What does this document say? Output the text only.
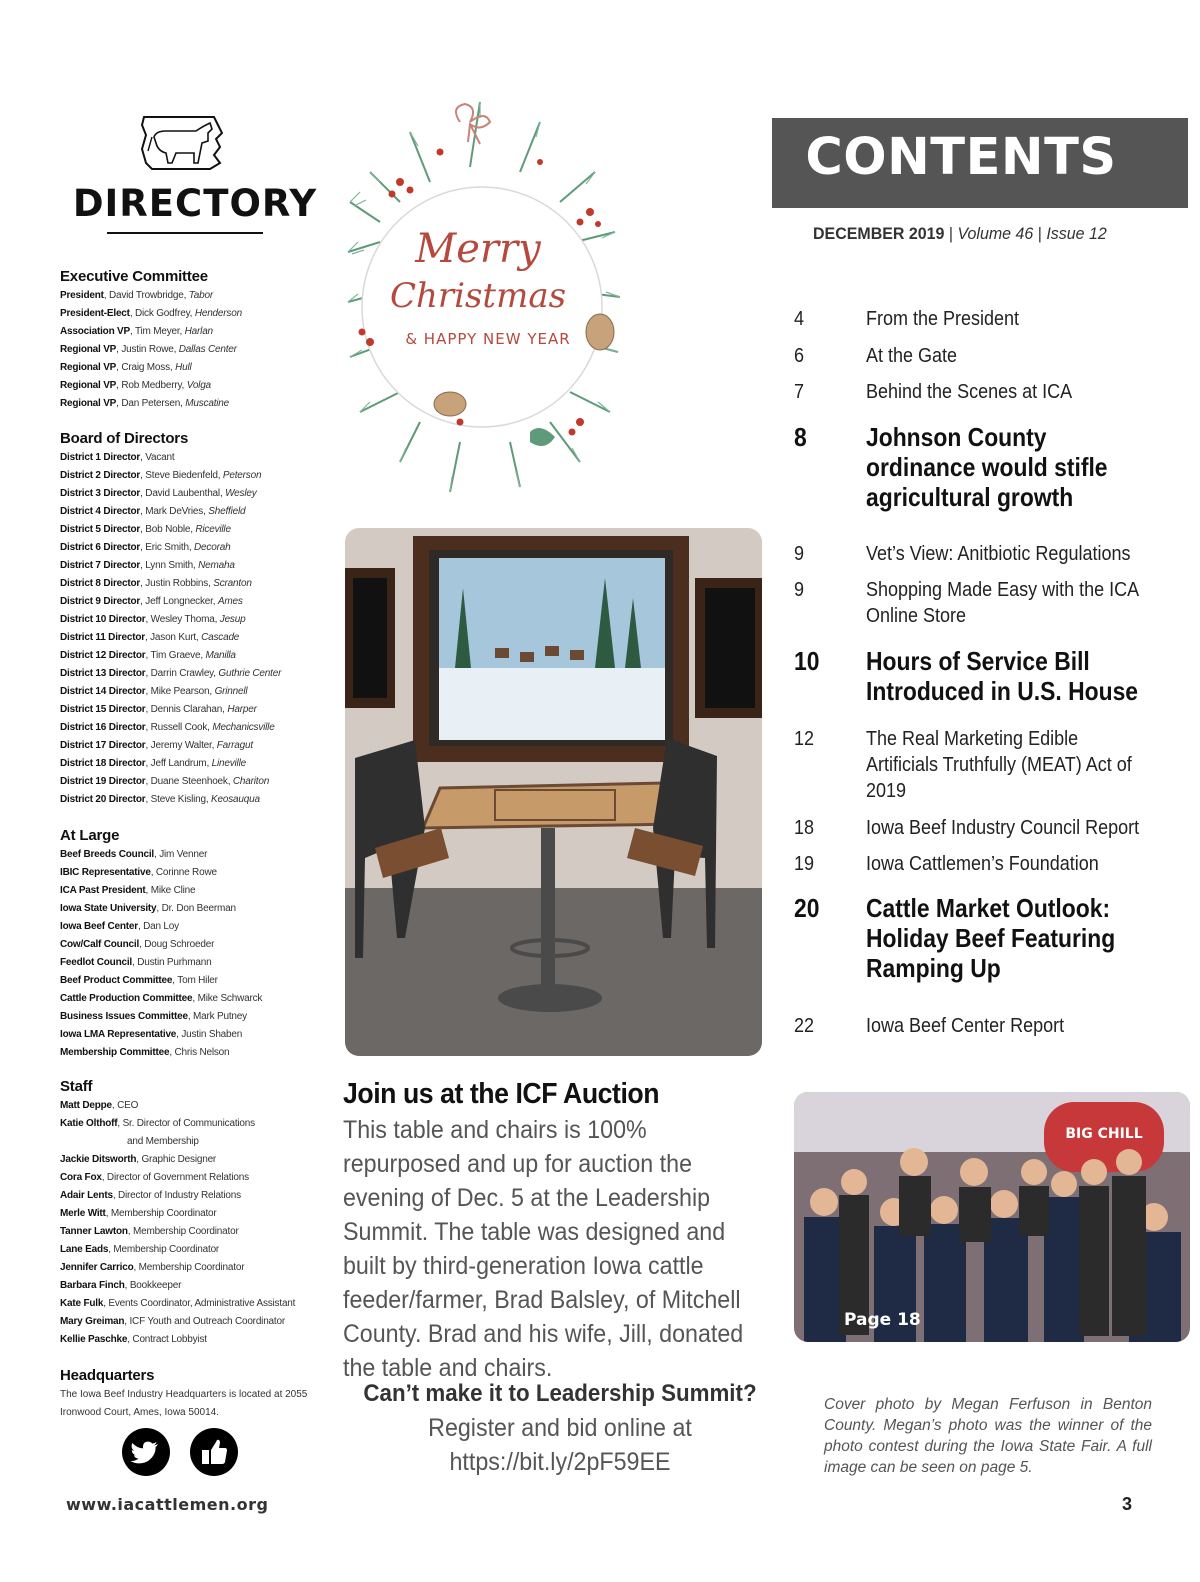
DIRECTORY
Executive Committee
President, David Trowbridge, Tabor
President-Elect, Dick Godfrey, Henderson
Association VP, Tim Meyer, Harlan
Regional VP, Justin Rowe, Dallas Center
Regional VP, Craig Moss, Hull
Regional VP, Rob Medberry, Volga
Regional VP, Dan Petersen, Muscatine
Board of Directors
District 1 Director, Vacant
District 2 Director, Steve Biedenfeld, Peterson
District 3 Director, David Laubenthal, Wesley
District 4 Director, Mark DeVries, Sheffield
District 5 Director, Bob Noble, Riceville
District 6 Director, Eric Smith, Decorah
District 7 Director, Lynn Smith, Nemaha
District 8 Director, Justin Robbins, Scranton
District 9 Director, Jeff Longnecker, Ames
District 10 Director, Wesley Thoma, Jesup
District 11 Director, Jason Kurt, Cascade
District 12 Director, Tim Graeve, Manilla
District 13 Director, Darrin Crawley, Guthrie Center
District 14 Director, Mike Pearson, Grinnell
District 15 Director, Dennis Clarahan, Harper
District 16 Director, Russell Cook, Mechanicsville
District 17 Director, Jeremy Walter, Farragut
District 18 Director, Jeff Landrum, Lineville
District 19 Director, Duane Steenhoek, Chariton
District 20 Director, Steve Kisling, Keosauqua
At Large
Beef Breeds Council, Jim Venner
IBIC Representative, Corinne Rowe
ICA Past President, Mike Cline
Iowa State University, Dr. Don Beerman
Iowa Beef Center, Dan Loy
Cow/Calf Council, Doug Schroeder
Feedlot Council, Dustin Purhmann
Beef Product Committee, Tom Hiler
Cattle Production Committee, Mike Schwarck
Business Issues Committee, Mark Putney
Iowa LMA Representative, Justin Shaben
Membership Committee, Chris Nelson
Staff
Matt Deppe, CEO
Katie Olthoff, Sr. Director of Communications
and Membership
Jackie Ditsworth, Graphic Designer
Cora Fox, Director of Government Relations
Adair Lents, Director of Industry Relations
Merle Witt, Membership Coordinator
Tanner Lawton, Membership Coordinator
Lane Eads, Membership Coordinator
Jennifer Carrico, Membership Coordinator
Barbara Finch, Bookkeeper
Kate Fulk, Events Coordinator, Administrative Assistant
Mary Greiman, ICF Youth and Outreach Coordinator
Kellie Paschke, Contract Lobbyist
Headquarters
The Iowa Beef Industry Headquarters is located at 2055 Ironwood Court, Ames, Iowa 50014.
www.iacattlemen.org
Merry
Christmas
& HAPPY NEW YEAR
Join us at the ICF Auction
This table and chairs is 100% repurposed and up for auction the evening of Dec. 5 at the Leadership Summit. The table was designed and built by third-generation Iowa cattle feeder/farmer, Brad Balsley, of Mitchell County. Brad and his wife, Jill, donated the table and chairs.
Can’t make it to Leadership Summit?
Register and bid online at
https://bit.ly/2pF59EE
CONTENTS
DECEMBER 2019 | Volume 46 | Issue 12
4	From the President
6	At the Gate
7	Behind the Scenes at ICA
8 Johnson County ordinance would stifle agricultural growth
9	Vet’s View: Anitbiotic Regulations
9	Shopping Made Easy with the ICA Online Store
10 Hours of Service Bill Introduced in U.S. House
12	The Real Marketing Edible Artificials Truthfully (MEAT) Act of 2019
18	Iowa Beef Industry Council Report
19	Iowa Cattlemen’s Foundation
20 Cattle Market Outlook: Holiday Beef Featuring Ramping Up
22	Iowa Beef Center Report
BIG CHILL
Page 18
Cover photo by Megan Ferfuson in Benton County. Megan’s photo was the winner of the photo contest during the Iowa State Fair. A full image can be seen on page 5.
3
